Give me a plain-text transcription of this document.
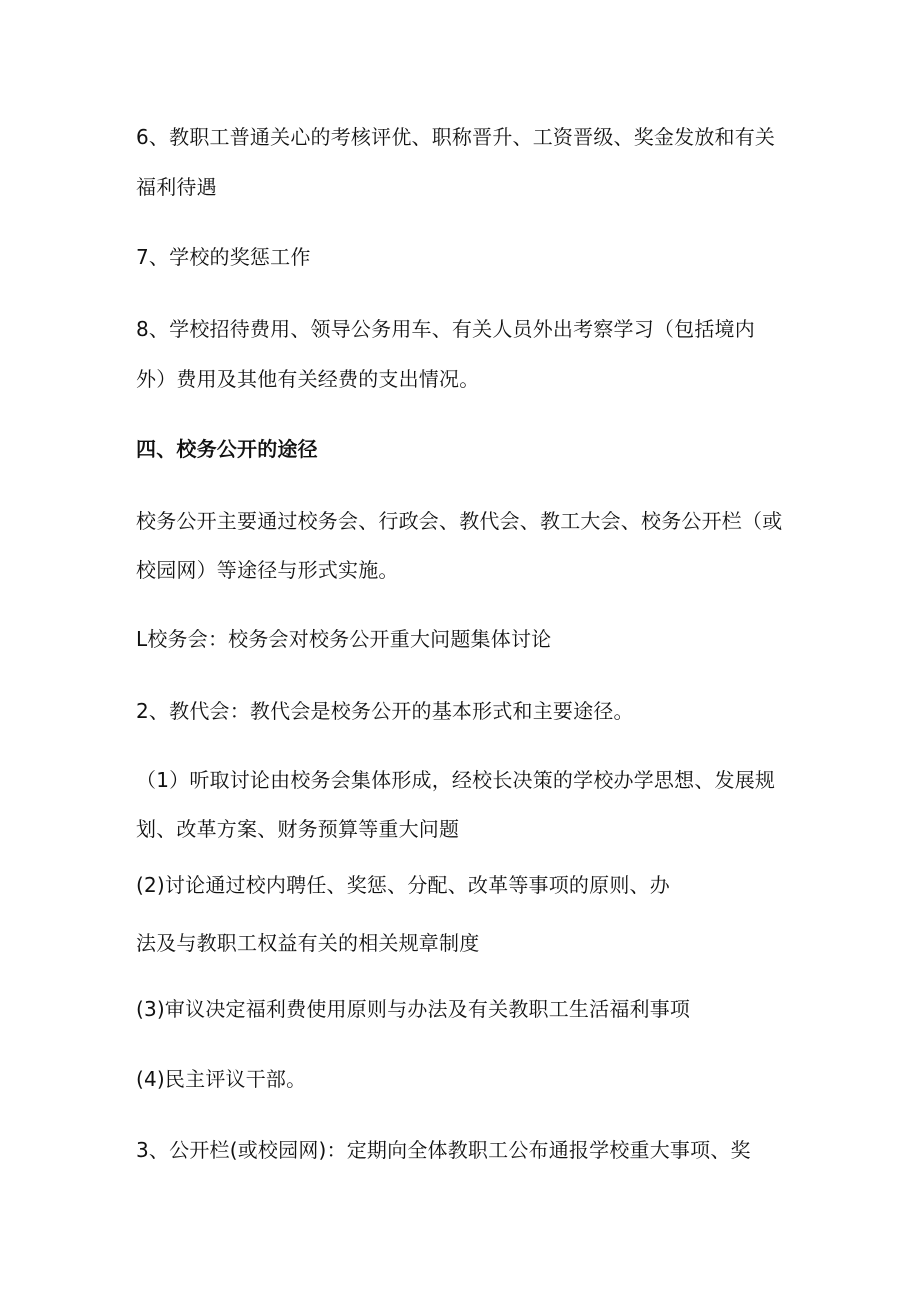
6、教职工普通关心的考核评优、职称晋升、工资晋级、奖金发放和有关

福利待遇

7、学校的奖惩工作

8、学校招待费用、领导公务用车、有关人员外出考察学习（包括境内

外）费用及其他有关经费的支出情况。

四、校务公开的途径

校务公开主要通过校务会、行政会、教代会、教工大会、校务公开栏（或

校园网）等途径与形式实施。

L校务会：校务会对校务公开重大问题集体讨论

2、教代会：教代会是校务公开的基本形式和主要途径。

（1）听取讨论由校务会集体形成，经校长决策的学校办学思想、发展规

划、改革方案、财务预算等重大问题

(2)讨论通过校内聘任、奖惩、分配、改革等事项的原则、办

法及与教职工权益有关的相关规章制度

(3)审议决定福利费使用原则与办法及有关教职工生活福利事项

(4)民主评议干部。

3、公开栏(或校园网)：定期向全体教职工公布通报学校重大事项、奖
